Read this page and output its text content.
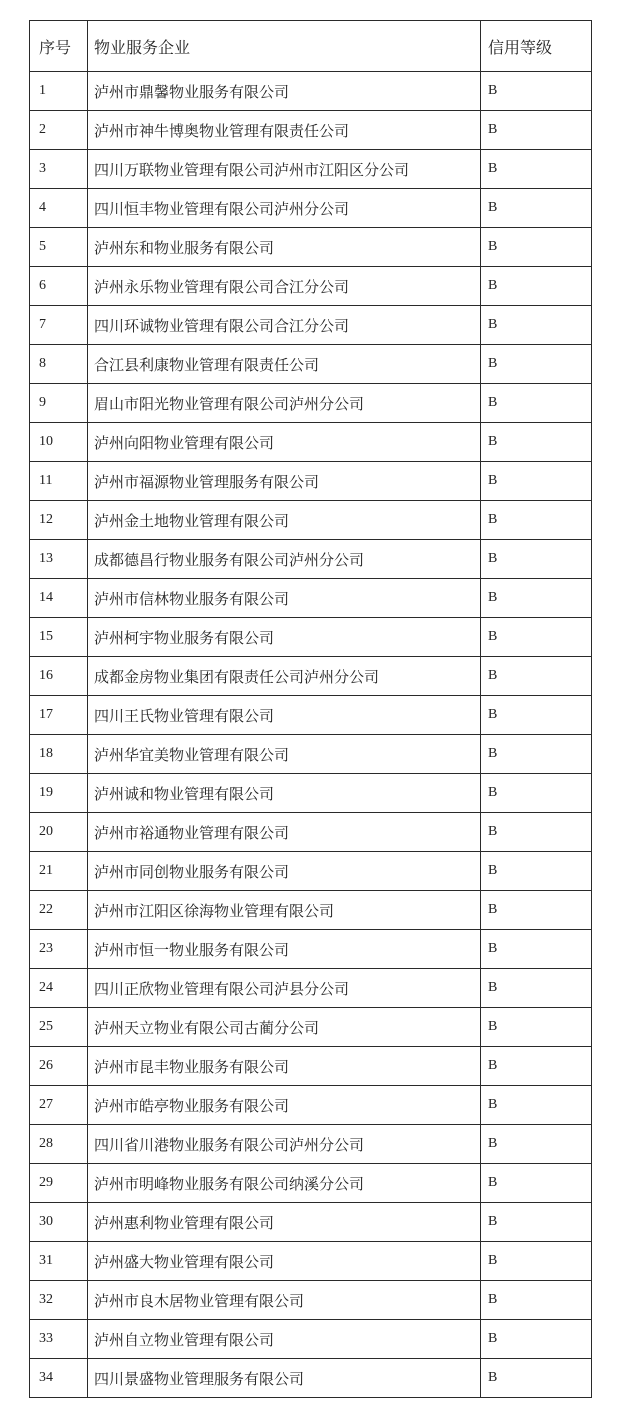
序号	物业服务企业	信用等级
1	泸州市鼎馨物业服务有限公司	B
2	泸州市神牛博奥物业管理有限责任公司	B
3	四川万联物业管理有限公司泸州市江阳区分公司	B
4	四川恒丰物业管理有限公司泸州分公司	B
5	泸州东和物业服务有限公司	B
6	泸州永乐物业管理有限公司合江分公司	B
7	四川环诚物业管理有限公司合江分公司	B
8	合江县利康物业管理有限责任公司	B
9	眉山市阳光物业管理有限公司泸州分公司	B
10	泸州向阳物业管理有限公司	B
11	泸州市福源物业管理服务有限公司	B
12	泸州金土地物业管理有限公司	B
13	成都德昌行物业服务有限公司泸州分公司	B
14	泸州市信林物业服务有限公司	B
15	泸州柯宇物业服务有限公司	B
16	成都金房物业集团有限责任公司泸州分公司	B
17	四川王氏物业管理有限公司	B
18	泸州华宜美物业管理有限公司	B
19	泸州诚和物业管理有限公司	B
20	泸州市裕通物业管理有限公司	B
21	泸州市同创物业服务有限公司	B
22	泸州市江阳区徐海物业管理有限公司	B
23	泸州市恒一物业服务有限公司	B
24	四川正欣物业管理有限公司泸县分公司	B
25	泸州天立物业有限公司古蔺分公司	B
26	泸州市昆丰物业服务有限公司	B
27	泸州市皓亭物业服务有限公司	B
28	四川省川港物业服务有限公司泸州分公司	B
29	泸州市明峰物业服务有限公司纳溪分公司	B
30	泸州惠利物业管理有限公司	B
31	泸州盛大物业管理有限公司	B
32	泸州市良木居物业管理有限公司	B
33	泸州自立物业管理有限公司	B
34	四川景盛物业管理服务有限公司	B
